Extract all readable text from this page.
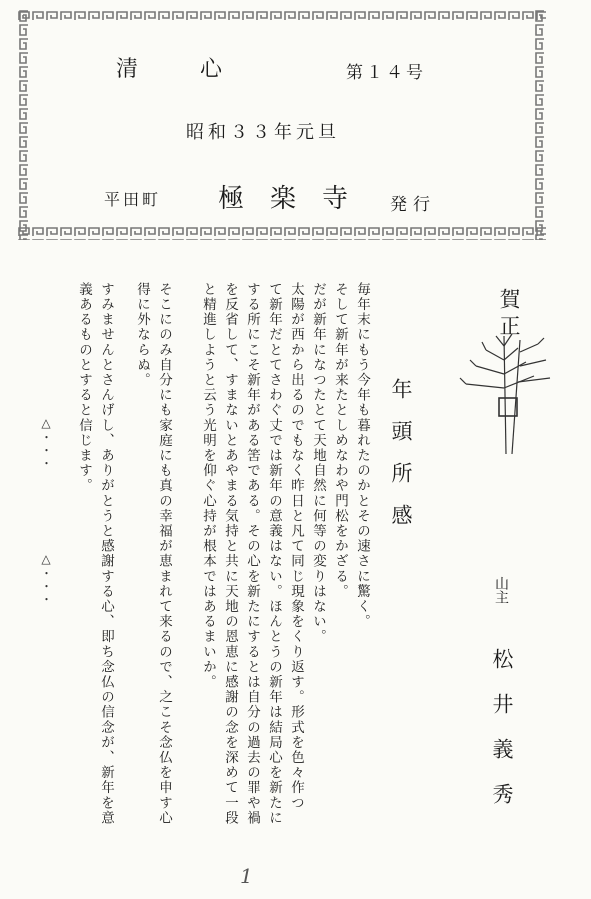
清心	第１４号
昭和３３年元旦
平田町 極楽寺 発行
賀正
山主
松井義秀
年頭所感
毎年末にもう今年も暮れたのかとその速さに驚く。
そして新年が来たとしめなわや門松をかざる。
だが新年になつたとて天地自然に何等の変りはない。
太陽が西から出るのでもなく昨日と凡て同じ現象をくり返す。形式を色々作つ
て新年だとてさわぐ丈では新年の意義はない。ほんとうの新年は結局心を新たに
する所にこそ新年がある筈である。その心を新たにするとは自分の過去の罪や禍
を反省して、すまないとあやまる気持と共に天地の恩恵に感謝の念を深めて一段
と精進しようと云う光明を仰ぐ心持が根本ではあるまいか。
そこにのみ自分にも家庭にも真の幸福が恵まれて来るので、之こそ念仏を申す心
得に外ならぬ。
すみませんとさんげし、ありがとうと感謝する心、即ち念仏の信念が、新年を意
義あるものとすると信じます。
△・・・
△・・・
1
